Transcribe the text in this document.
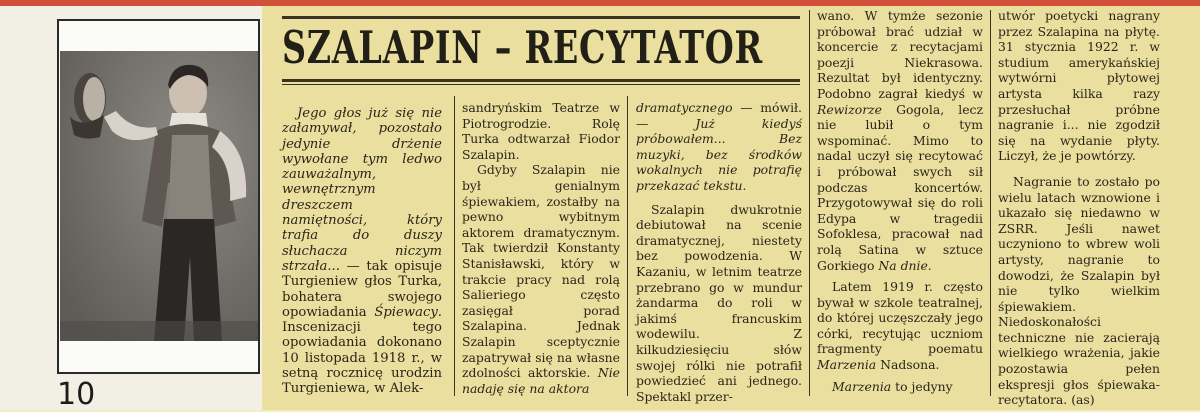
10
SZALAPIN – RECYTATOR

Jego głos już się nie załamywał, pozostało jedynie drżenie wywołane tym ledwo zauważalnym, wewnętrznym dreszczem namiętności, który trafia do duszy słuchacza niczym strzała... — tak opisuje Turgieniew głos Turka, bohatera swojego opowiadania Śpiewacy. Inscenizacji tego opowiadania dokonano 10 listopada 1918 r., w setną rocznicę urodzin Turgieniewa, w Alek-

sandryńskim Teatrze w Piotrogrodzie. Rolę Turka odtwarzał Fiodor Szalapin.

Gdyby Szalapin nie był genialnym śpiewakiem, zostałby na pewno wybitnym aktorem dramatycznym. Tak twierdził Konstanty Stanisławski, który w trakcie pracy nad rolą Salieriego często zasięgał porad Szalapina. Jednak Szalapin sceptycznie zapatrywał się na własne zdolności aktorskie. Nie nadaję się na aktora

dramatycznego — mówił. — Już kiedyś próbowałem... Bez muzyki, bez środków wokalnych nie potrafię przekazać tekstu.

Szalapin dwukrotnie debiutował na scenie dramatycznej, niestety bez powodzenia. W Kazaniu, w letnim teatrze przebrano go w mundur żandarma do roli w jakimś francuskim wodewilu. Z kilkudziesięciu słów swojej rólki nie potrafił powiedzieć ani jednego. Spektakl przer-

wano. W tymże sezonie próbował brać udział w koncercie z recytacjami poezji Niekrasowa. Rezultat był identyczny. Podobno zagrał kiedyś w Rewizorze Gogola, lecz nie lubił o tym wspominać. Mimo to nadal uczył się recytować i próbował swych sił podczas koncertów. Przygotowywał się do roli Edypa w tragedii Sofoklesa, pracował nad rolą Satina w sztuce Gorkiego Na dnie.

Latem 1919 r. często bywał w szkole teatralnej, do której uczęszczały jego córki, recytując uczniom fragmenty poematu Marzenia Nadsona.

Marzenia to jedyny

utwór poetycki nagrany przez Szalapina na płytę. 31 stycznia 1922 r. w studium amerykańskiej wytwórni płytowej artysta kilka razy przesłuchał próbne nagranie i... nie zgodził się na wydanie płyty. Liczył, że je powtórzy.

Nagranie to zostało po wielu latach wznowione i ukazało się niedawno w ZSRR. Jeśli nawet uczyniono to wbrew woli artysty, nagranie to dowodzi, że Szalapin był nie tylko wielkim śpiewakiem. Niedoskonałości techniczne nie zacierają wielkiego wrażenia, jakie pozostawia pełen ekspresji głos śpiewaka-recytatora. (as)
